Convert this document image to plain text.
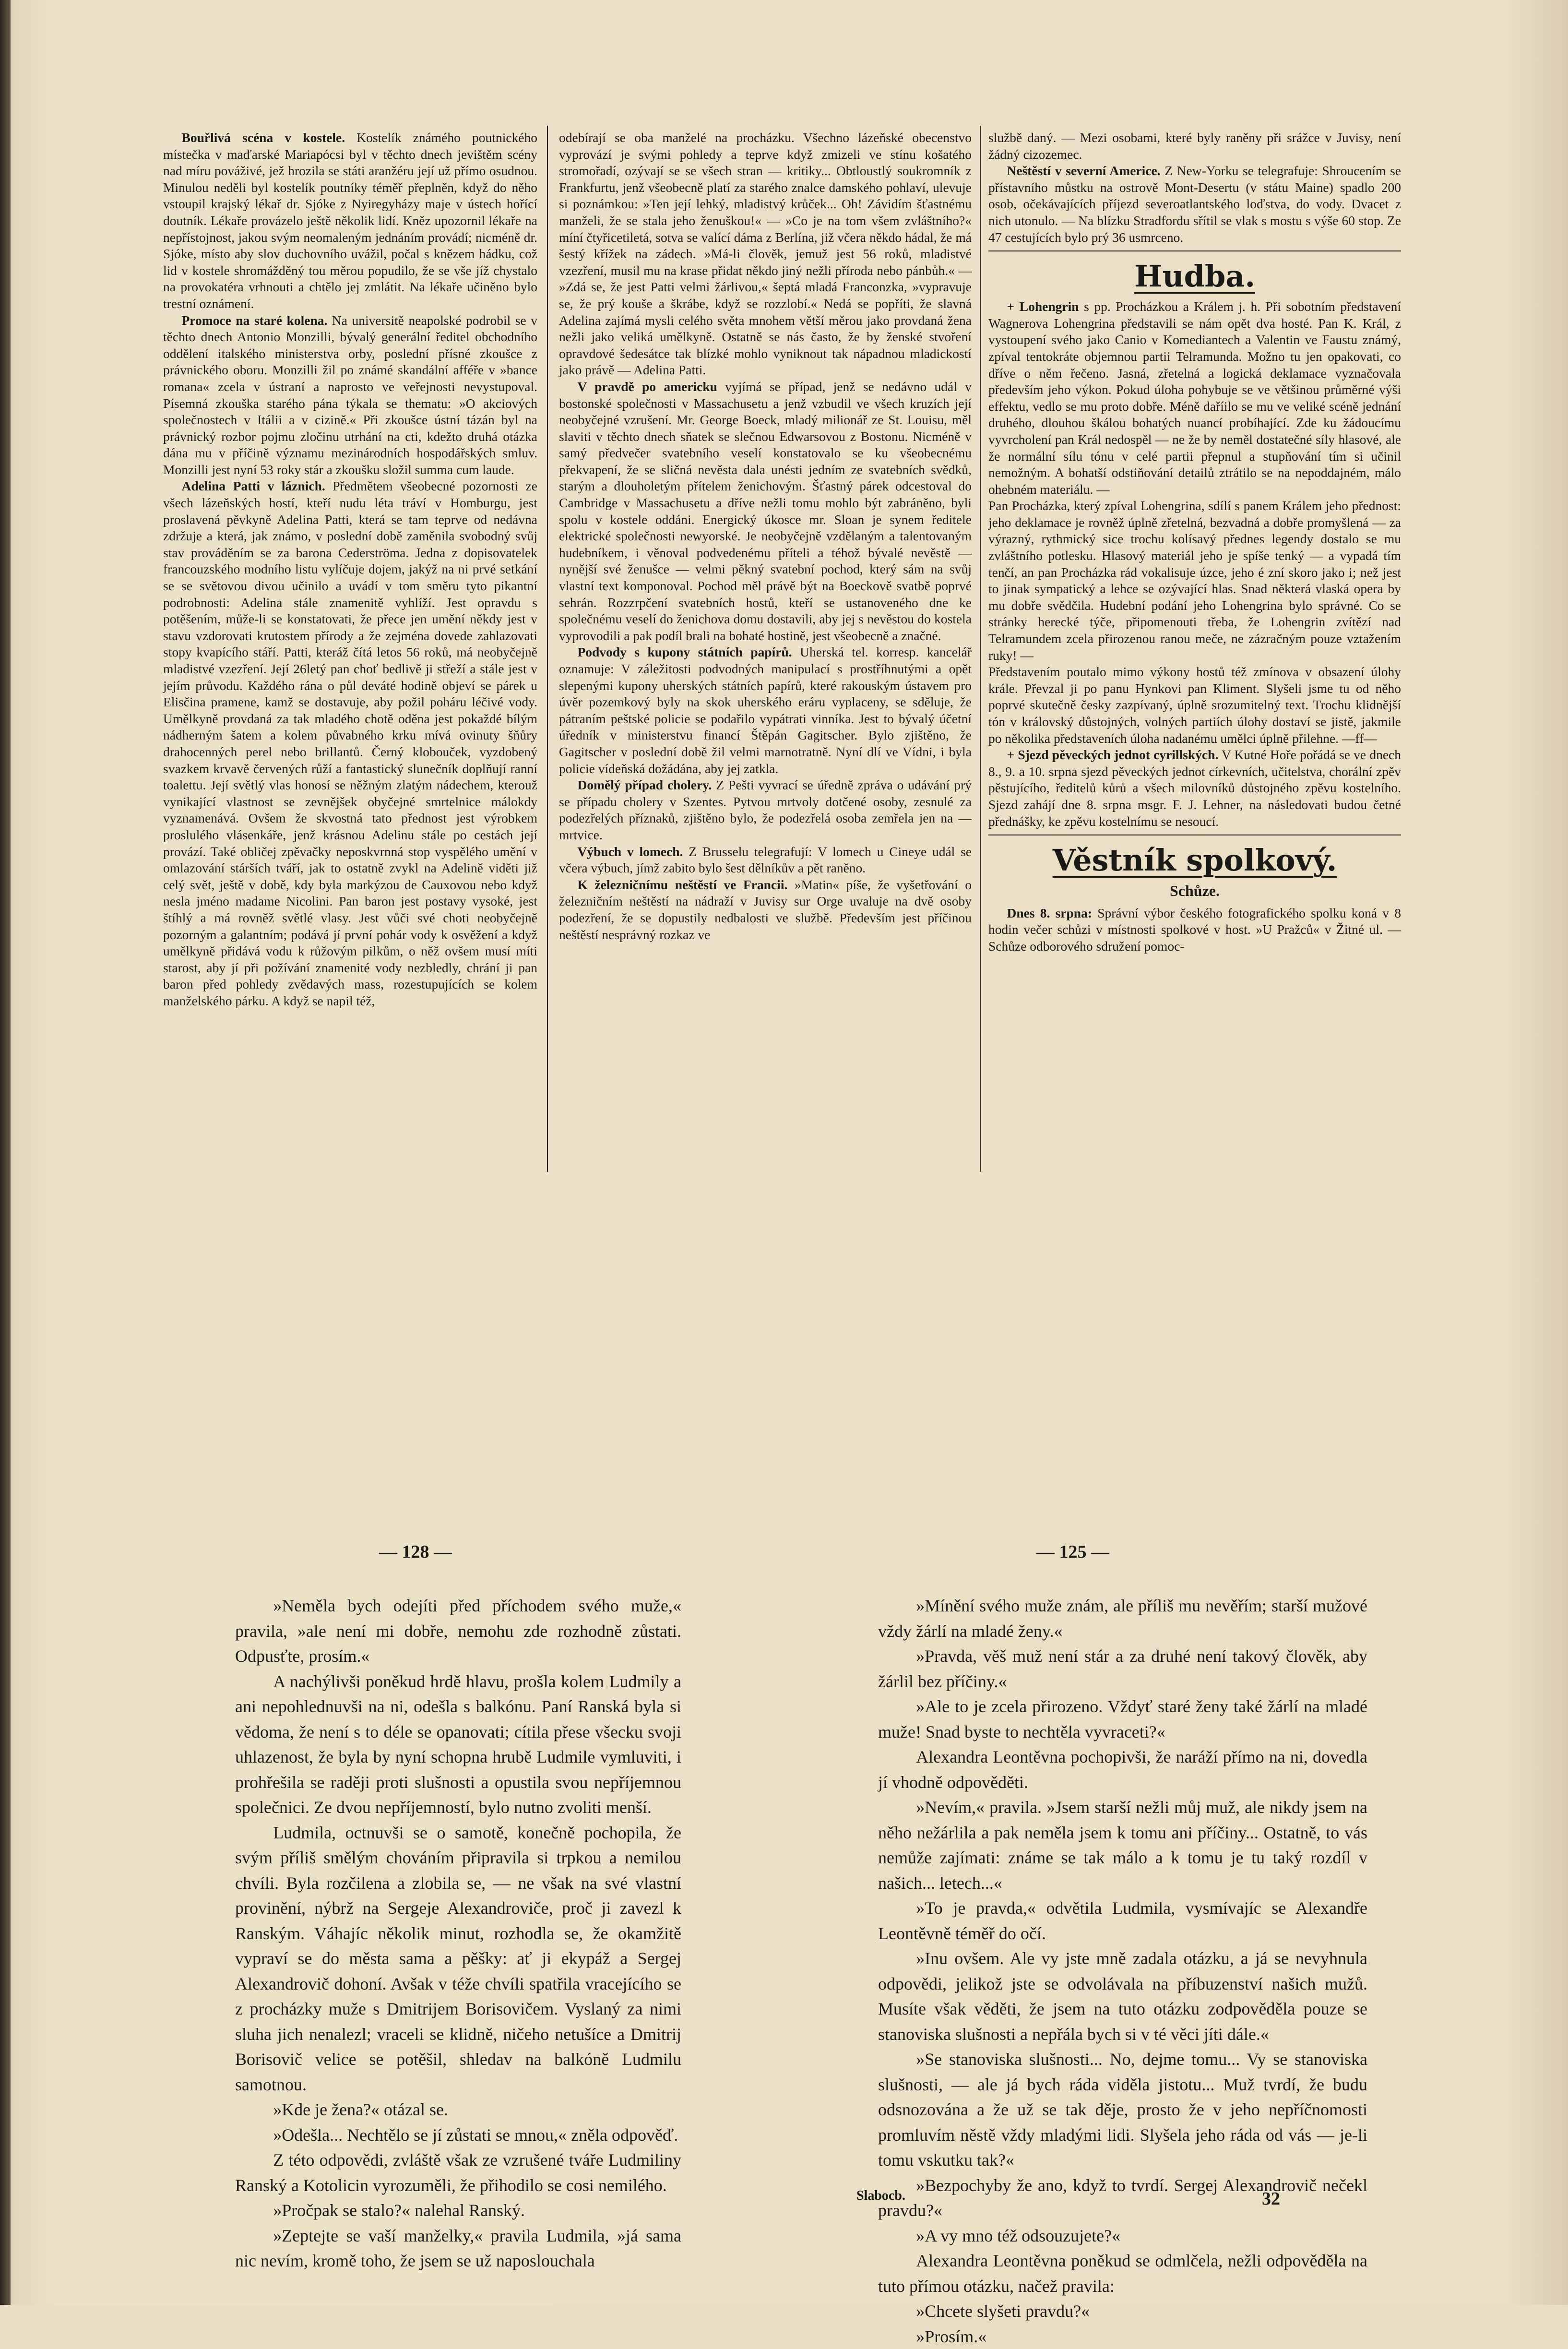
Bouřlivá scéna v kostele. Kostelík známého poutnického místečka v maďarské Mariapócsi byl v těchto dnech jevištěm scény nad míru pováživé, jež hrozila se státi aranžéru její už přímo osudnou. Minulou neděli byl kostelík poutníky téměř přeplněn, když do něho vstoupil krajský lékař dr. Sjóke z Nyiregyházy maje v ústech hořící doutník. Lékaře provázelo ještě několik lidí. Kněz upozornil lékaře na nepřístojnost, jakou svým neomaleným jednáním provádí; nicméně dr. Sjóke, místo aby slov duchovního uvážil, počal s knězem hádku, což lid v kostele shromážděný tou měrou popudilo, že se vše jíž chystalo na provokatéra vrhnouti a chtělo jej zmlátit. Na lékaře učiněno bylo trestní oznámení.

Promoce na staré kolena. Na universitě neapolské podrobil se v těchto dnech Antonio Monzilli, bývalý generální ředitel obchodního oddělení italského ministerstva orby, poslední přísné zkoušce z právnického oboru. Monzilli žil po známé skandální afféře v »bance romana« zcela v ústraní a naprosto ve veřejnosti nevystupoval. Písemná zkouška starého pána týkala se thematu: »O akciových společnostech v Itálii a v cizině.« Při zkoušce ústní tázán byl na právnický rozbor pojmu zločinu utrhání na cti, kdežto druhá otázka dána mu v příčině významu mezinárodních hospodářských smluv. Monzilli jest nyní 53 roky stár a zkoušku složil summa cum laude.

Adelina Patti v láznich. Předmětem všeobecné pozornosti ze všech lázeňských hostí, kteří nudu léta tráví v Homburgu, jest proslavená pěvkyně Adelina Patti, která se tam teprve od nedávna zdržuje a která, jak známo, v poslední době zaměnila svobodný svůj stav prováděním se za barona Cederströma. Jedna z dopisovatelek francouzského modního listu vylíčuje dojem, jakýž na ni prvé setkání se se světovou divou učinilo a uvádí v tom směru tyto pikantní podrobnosti: Adelina stále znamenitě vyhlíží. Jest opravdu s potěšením, může-li se konstatovati, že přece jen umění někdy jest v stavu vzdorovati krutostem přírody a že zejména dovede zahlazovati stopy kvapícího stáří. Patti, kteráž čítá letos 56 roků, má neobyčejně mladistvé vzezření. Její 26letý pan choť bedlivě ji střeží a stále jest v jejím průvodu. Každého rána o půl deváté hodině objeví se párek u Elisčina pramene, kamž se dostavuje, aby požil poháru léčivé vody. Umělkyně provdaná za tak mladého chotě oděna jest pokaždé bílým nádherným šatem a kolem půvabného krku mívá ovinuty šňůry drahocenných perel nebo brillantů. Černý klobouček, vyzdobený svazkem krvavě červených růží a fantastický slunečník doplňují ranní toalettu. Její světlý vlas honosí se něžným zlatým nádechem, kterouž vynikající vlastnost se zevnějšek obyčejné smrtelnice málokdy vyznamenává. Ovšem že skvostná tato přednost jest výrobkem proslulého vlásenkáře, jenž krásnou Adelinu stále po cestách její provází. Také obličej zpěvačky neposkvrnná stop vyspělého umění v omlazování stárších tváří, jak to ostatně zvykl na Adelině viděti již celý svět, ještě v době, kdy byla markýzou de Cauxovou nebo když nesla jméno madame Nicolini. Pan baron jest postavy vysoké, jest štíhlý a má rovněž světlé vlasy. Jest vůči své choti neobyčejně pozorným a galantním; podává jí první pohár vody k osvěžení a když umělkyně přidává vodu k růžovým pilkům, o něž ovšem musí míti starost, aby jí při požívání znamenité vody nezbledly, chrání ji pan baron před pohledy zvědavých mass, rozestupujících se kolem manželského párku. A když se napil též,

odebírají se oba manželé na procházku. Všechno lázeňské obecenstvo vyprovází je svými pohledy a teprve když zmizeli ve stínu košatého stromořadí, ozývají se se všech stran — kritiky... Obtloustlý soukromník z Frankfurtu, jenž všeobecně platí za starého znalce damského pohlaví, ulevuje si poznámkou: »Ten její lehký, mladistvý krůček... Oh! Závidím šťastnému manželi, že se stala jeho ženuškou!« — »Co je na tom všem zvláštního?« míní čtyřicetiletá, sotva se valící dáma z Berlína, již včera někdo hádal, že má šestý křížek na zádech. »Má-li člověk, jemuž jest 56 roků, mladistvé vzezření, musil mu na krase přidat někdo jiný nežli příroda nebo pánbůh.« — »Zdá se, že jest Patti velmi žárlivou,« šeptá mladá Franconzka, »vypravuje se, že prý kouše a škrábe, když se rozzlobí.« Nedá se popříti, že slavná Adelina zajímá mysli celého světa mnohem větší měrou jako provdaná žena nežli jako veliká umělkyně. Ostatně se nás často, že by ženské stvoření opravdové šedesátce tak blízké mohlo vyniknout tak nápadnou mladickostí jako právě — Adelina Patti.

V pravdě po americku vyjímá se případ, jenž se nedávno udál v bostonské společnosti v Massachusetu a jenž vzbudil ve všech kruzích její neobyčejné vzrušení. Mr. George Boeck, mladý milionář ze St. Louisu, měl slaviti v těchto dnech sňatek se slečnou Edwarsovou z Bostonu. Nicméně v samý předvečer svatebního veselí konstatovalo se ku všeobecnému překvapení, že se sličná nevěsta dala unésti jedním ze svatebních svědků, starým a dlouholetým přítelem ženichovým. Šťastný párek odcestoval do Cambridge v Massachusetu a dříve nežli tomu mohlo být zabráněno, byli spolu v kostele oddáni. Energický úkosce mr. Sloan je synem ředitele elektrické společnosti newyorské. Je neobyčejně vzdělaným a talentovaným hudebníkem, i věnoval podvedenému příteli a téhož bývalé nevěstě — nynější své ženušce — velmi pěkný svatební pochod, který sám na svůj vlastní text komponoval. Pochod měl právě být na Boeckově svatbě poprvé sehrán. Rozzrpčení svatebních hostů, kteří se ustanoveného dne ke společnému veselí do ženichova domu dostavili, aby jej s nevěstou do kostela vyprovodili a pak podíl brali na bohaté hostině, jest všeobecně a značné.

Podvody s kupony státních papírů. Uherská tel. korresp. kancelář oznamuje: V záležitosti podvodných manipulací s prostříhnutými a opět slepenými kupony uherských státních papírů, které rakouským ústavem pro úvěr pozemkový byly na skok uherského eráru vyplaceny, se sděluje, že pátraním peštské policie se podařilo vypátrati vinníka. Jest to bývalý účetní úředník v ministerstvu financí Štěpán Gagitscher. Bylo zjištěno, že Gagitscher v poslední době žil velmi marnotratně. Nyní dlí ve Vídni, i byla policie vídeňská dožádána, aby jej zatkla.

Domělý případ cholery. Z Pešti vyvrací se úředně zpráva o udávání prý se případu cholery v Szentes. Pytvou mrtvoly dotčené osoby, zesnulé za podezřelých příznaků, zjištěno bylo, že podezřelá osoba zemřela jen na — mrtvice.

Výbuch v lomech. Z Brusselu telegrafují: V lomech u Cineye udál se včera výbuch, jímž zabito bylo šest dělníkův a pět raněno.

K železničnímu neštěstí ve Francii. »Matin« píše, že vyšetřování o železničním neštěstí na nádraží v Juvisy sur Orge uvaluje na dvě osoby podezření, že se dopustily nedbalosti ve službě. Především jest příčinou neštěstí nesprávný rozkaz ve

službě daný. — Mezi osobami, které byly raněny při srážce v Juvisy, není žádný cizozemec.

Neštěstí v severní Americe. Z New-Yorku se telegrafuje: Shroucením se přístavního můstku na ostrově Mont-Desertu (v státu Maine) spadlo 200 osob, očekávajících příjezd severoatlantského loďstva, do vody. Dvacet z nich utonulo. — Na blízku Stradfordu sřítil se vlak s mostu s výše 60 stop. Ze 47 cestujících bylo prý 36 usmrceno.

Hudba.

+ Lohengrin s pp. Procházkou a Králem j. h. Při sobotním představení Wagnerova Lohengrina představili se nám opět dva hosté. Pan K. Král, z vystoupení svého jako Canio v Komediantech a Valentin ve Faustu známý, zpíval tentokráte objemnou partii Telramunda. Možno tu jen opakovati, co dříve o něm řečeno. Jasná, zřetelná a logická deklamace vyznačovala především jeho výkon. Pokud úloha pohybuje se ve většinou průměrné výši effektu, vedlo se mu proto dobře. Méně daříilo se mu ve veliké scéně jednání druhého, dlouhou škálou bohatých nuancí probíhající. Zde ku žádoucímu vyvrcholení pan Král nedospěl — ne že by neměl dostatečné síly hlasové, ale že normální sílu tónu v celé partii přepnul a stupňování tím si učinil nemožným. A bohatší odstiňování detailů ztrátilo se na nepoddajném, málo ohebném materiálu. —

Pan Procházka, který zpíval Lohengrina, sdílí s panem Králem jeho přednost: jeho deklamace je rovněž úplně zřetelná, bezvadná a dobře promyšlená — za výrazný, rythmický sice trochu kolísavý přednes legendy dostalo se mu zvláštního potlesku. Hlasový materiál jeho je spíše tenký — a vypadá tím tenčí, an pan Procházka rád vokalisuje úzce, jeho é zní skoro jako i; než jest to jinak sympatický a lehce se ozývající hlas. Snad některá vlaská opera by mu dobře svědčila. Hudební podání jeho Lohengrina bylo správné. Co se stránky herecké týče, připomenouti třeba, že Lohengrin zvítězí nad Telramundem zcela přirozenou ranou meče, ne zázračným pouze vztažením ruky! —

Představením poutalo mimo výkony hostů též zmínova v obsazení úlohy krále. Převzal ji po panu Hynkovi pan Kliment. Slyšeli jsme tu od něho poprvé skutečně česky zazpívaný, úplně srozumitelný text. Trochu klidnější tón v královský důstojných, volných partiích úlohy dostaví se jistě, jakmile po několika představeních úloha nadanému umělci úplně přilehne. —ff—

+ Sjezd pěveckých jednot cyrillských. V Kutné Hoře pořádá se ve dnech 8., 9. a 10. srpna sjezd pěveckých jednot církevních, učitelstva, chorální zpěv pěstujícího, ředitelů kůrů a všech milovníků důstojného zpěvu kostelního. Sjezd zahájí dne 8. srpna msgr. F. J. Lehner, na následovati budou četné přednášky, ke zpěvu kostelnímu se nesoucí.

Věstník spolkový.
Schůze.

Dnes 8. srpna: Správní výbor českého fotografického spolku koná v 8 hodin večer schůzi v místnosti spolkové v host. »U Pražců« v Žitné ul. — Schůze odborového sdružení pomoc-

— 128 —	— 125 —

»Neměla bych odejíti před příchodem svého muže,« pravila, »ale není mi dobře, nemohu zde rozhodně zůstati. Odpusťte, prosím.«

A nachýlivši poněkud hrdě hlavu, prošla kolem Ludmily a ani nepohlednuvši na ni, odešla s balkónu. Paní Ranská byla si vědoma, že není s to déle se opanovati; cítila přese všecku svoji uhlazenost, že byla by nyní schopna hrubě Ludmile vymluviti, i prohřešila se raději proti slušnosti a opustila svou nepříjemnou společnici. Ze dvou nepříjemností, bylo nutno zvoliti menší.

Ludmila, octnuvši se o samotě, konečně pochopila, že svým příliš smělým chováním připravila si trpkou a nemilou chvíli. Byla rozčilena a zlobila se, — ne však na své vlastní provinění, nýbrž na Sergeje Alexandroviče, proč ji zavezl k Ranským. Váhajíc několik minut, rozhodla se, že okamžitě vypraví se do města sama a pěšky: ať ji ekypáž a Sergej Alexandrovič dohoní. Avšak v téže chvíli spatřila vracejícího se z procházky muže s Dmitrijem Borisovičem. Vyslaný za nimi sluha jich nenalezl; vraceli se klidně, ničeho netušíce a Dmitrij Borisovič velice se potěšil, shledav na balkóně Ludmilu samotnou.

»Kde je žena?« otázal se.

»Odešla... Nechtělo se jí zůstati se mnou,« zněla odpověď.

Z této odpovědi, zvláště však ze vzrušené tváře Ludmiliny Ranský a Kotolicin vyrozuměli, že přihodilo se cosi nemilého.

»Pročpak se stalo?« nalehal Ranský.

»Zeptejte se vaší manželky,« pravila Ludmila, »já sama nic nevím, kromě toho, že jsem se už naposlouchala

»Mínění svého muže znám, ale příliš mu nevěřím; starší mužové vždy žárlí na mladé ženy.«

»Pravda, věš muž není stár a za druhé není takový člověk, aby žárlil bez příčiny.«

»Ale to je zcela přirozeno. Vždyť staré ženy také žárlí na mladé muže! Snad byste to nechtěla vyvraceti?«

Alexandra Leontěvna pochopivši, že naráží přímo na ni, dovedla jí vhodně odpověděti.

»Nevím,« pravila. »Jsem starší nežli můj muž, ale nikdy jsem na něho nežárlila a pak neměla jsem k tomu ani příčiny... Ostatně, to vás nemůže zajímati: známe se tak málo a k tomu je tu taký rozdíl v našich... letech...«

»To je pravda,« odvětila Ludmila, vysmívajíc se Alexandře Leontěvně téměř do očí.

»Inu ovšem. Ale vy jste mně zadala otázku, a já se nevyhnula odpovědi, jelikož jste se odvolávala na příbuzenství našich mužů. Musíte však věděti, že jsem na tuto otázku zodpověděla pouze se stanoviska slušnosti a nepřála bych si v té věci jíti dále.«

»Se stanoviska slušnosti... No, dejme tomu... Vy se stanoviska slušnosti, — ale já bych ráda viděla jistotu... Muž tvrdí, že budu odsnozována a že už se tak děje, prosto že v jeho nepříčnomosti promluvím něstě vždy mladými lidi. Slyšela jeho ráda od vás — je-li tomu vskutku tak?«

»Bezpochyby že ano, když to tvrdí. Sergej Alexandrovič nečekl pravdu?«

»A vy mno též odsouzujete?«

Alexandra Leontěvna poněkud se odmlčela, nežli odpověděla na tuto přímou otázku, načež pravila:

»Chcete slyšeti pravdu?«

»Prosím.«

Slabocb.	32
